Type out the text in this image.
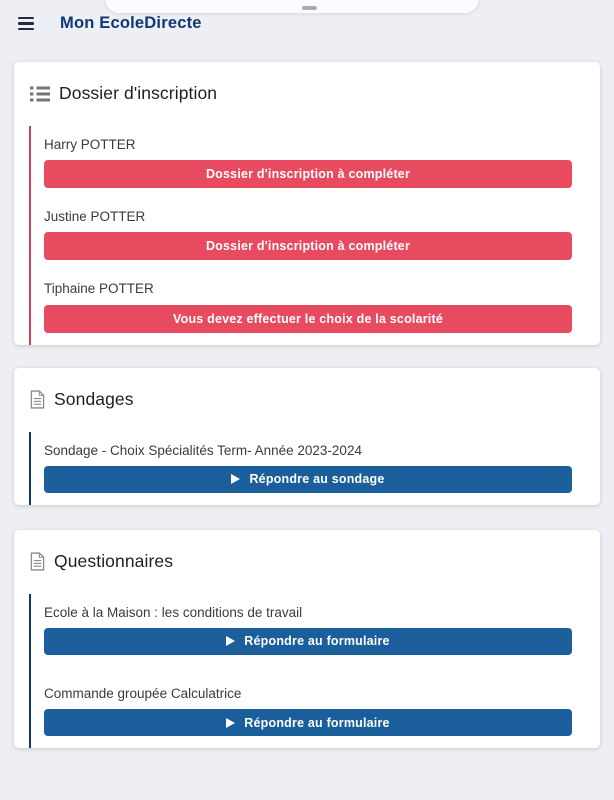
Mon EcoleDirecte
Dossier d'inscription
Harry POTTER
Dossier d'inscription à compléter
Justine POTTER
Dossier d'inscription à compléter
Tiphaine POTTER
Vous devez effectuer le choix de la scolarité
Sondages
Sondage - Choix Spécialités Term- Année 2023-2024
Répondre au sondage
Questionnaires
Ecole à la Maison : les conditions de travail
Répondre au formulaire
Commande groupée Calculatrice
Répondre au formulaire
